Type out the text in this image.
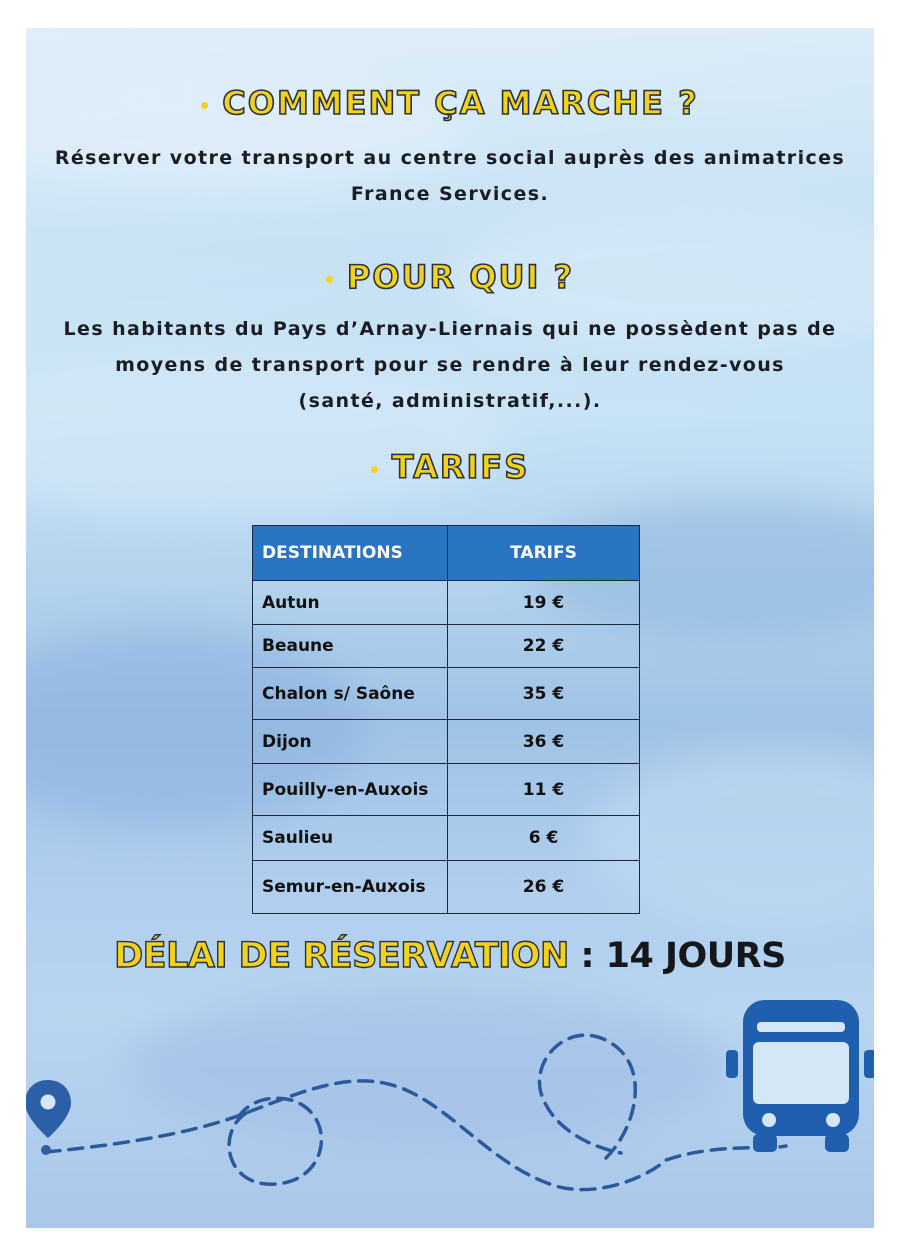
COMMENT ÇA MARCHE ?

Réserver votre transport au centre social auprès des animatrices
France Services.

POUR QUI ?

Les habitants du Pays d’Arnay-Liernais qui ne possèdent pas de
moyens de transport pour se rendre à leur rendez-vous
(santé, administratif,...).

TARIFS
DESTINATIONS	TARIFS
Autun	19 €
Beaune	22 €
Chalon s/ Saône	35 €
Dijon	36 €
Pouilly-en-Auxois	11 €
Saulieu	6 €
Semur-en-Auxois	26 €
DÉLAI DE RÉSERVATION : 14 JOURS
